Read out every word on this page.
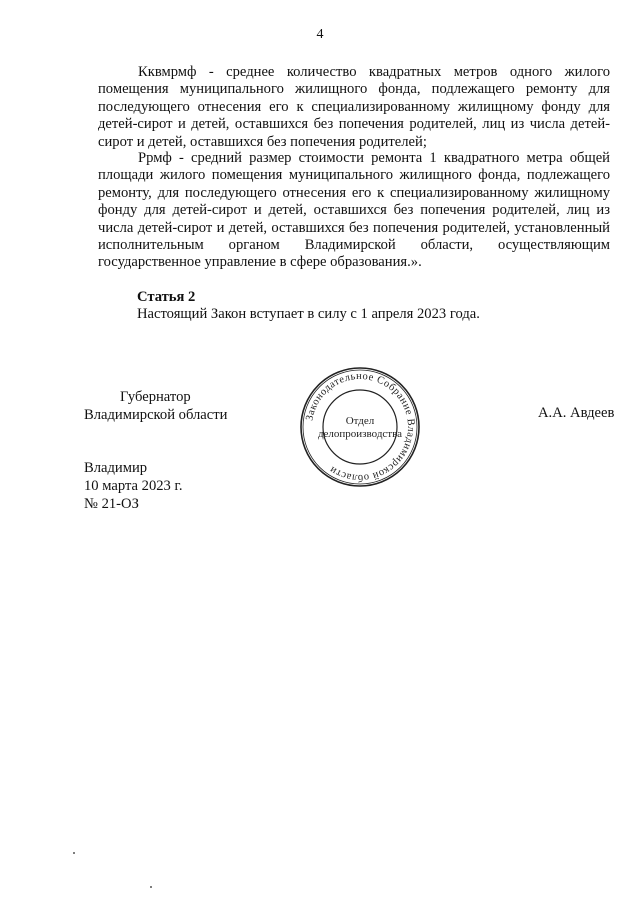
4

Кквмрмф - среднее количество квадратных метров одного жилого помещения муниципального жилищного фонда, подлежащего ремонту для последующего отнесения его к специализированному жилищному фонду для детей-сирот и детей, оставшихся без попечения родителей, лиц из числа детей-сирот и детей, оставшихся без попечения родителей;

Ррмф - средний размер стоимости ремонта 1 квадратного метра общей площади жилого помещения муниципального жилищного фонда, подлежащего ремонту, для последующего отнесения его к специализированному жилищному фонду для детей-сирот и детей, оставшихся без попечения родителей, лиц из числа детей-сирот и детей, оставшихся без попечения родителей, установленный исполнительным органом Владимирской области, осуществляющим государственное управление в сфере образования.».

Статья 2
Настоящий Закон вступает в силу с 1 апреля 2023 года.
Губернатор
Владимирской области	Законодательное Собрание Владимирской области
Отдел
делопроизводства
А.А. Авдеев
Владимир
10 марта 2023 г.
№ 21-ОЗ
